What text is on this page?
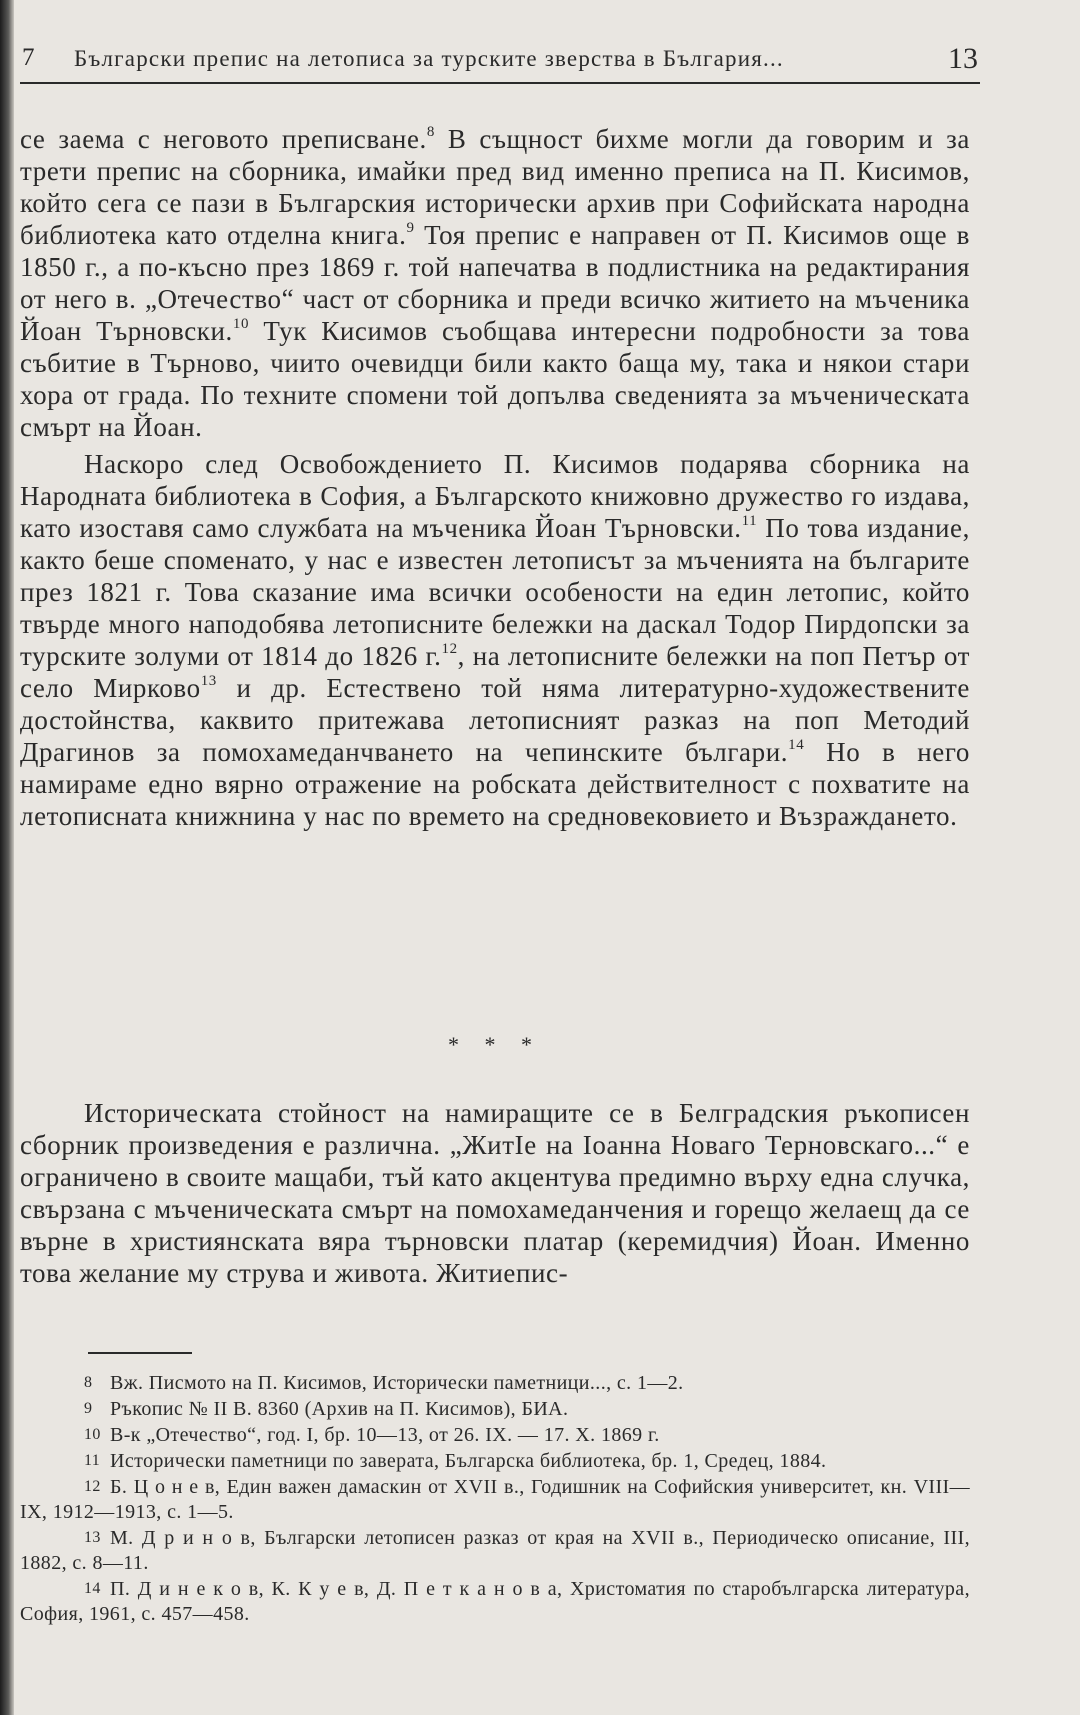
7 Български препис на летописа за турските зверства в България...	13

се заема с неговото преписване.$^8$ В същност бихме могли да говорим и за трети препис на сборника, имайки пред вид именно преписа на П. Кисимов, който сега се пази в Българския исторически архив при Софийската народна библиотека като отделна книга.$^9$ Тоя препис е направен от П. Кисимов още в 1850 г., а по-късно през 1869 г. той напечатва в подлистника на редактирания от него в. „Отечество“ част от сборника и преди всичко житието на мъченика Йоан Търновски.$^{10}$ Тук Кисимов съобщава интересни подробности за това събитие в Търново, чиито очевидци били както баща му, така и някои стари хора от града. По техните спомени той допълва сведенията за мъченическата смърт на Йоан.

Наскоро след Освобождението П. Кисимов подарява сборника на Народната библиотека в София, а Българското книжовно дружество го издава, като изоставя само службата на мъченика Йоан Търновски.$^{11}$ По това издание, както беше споменато, у нас е известен летописът за мъченията на българите през 1821 г. Това сказание има всички особености на един летопис, който твърде много наподобява летописните бележки на даскал Тодор Пирдопски за турските золуми от 1814 до 1826 г.$^{12}$, на летописните бележки на поп Петър от село Мирково$^{13}$ и др. Естествено той няма литературно-художествените достойнства, каквито притежава летописният разказ на поп Методий Драгинов за помохамеданчването на чепинските българи.$^{14}$ Но в него намираме едно вярно отражение на робската действителност с похватите на летописната книжнина у нас по времето на средновековието и Възраждането.

* * *

Историческата стойност на намиращите се в Белградския ръкописен сборник произведения е различна. „ЖитІе на Іоанна Новаго Терновскаго...“ е ограничено в своите мащаби, тъй като акцентува предимно върху една случка, свързана с мъченическата смърт на помохамеданчения и горещо желаещ да се върне в християнската вяра търновски платар (керемидчия) Йоан. Именно това желание му струва и живота. Житиепис-

8 Вж. Писмото на П. Кисимов, Исторически паметници..., с. 1—2.

9 Ръкопис № II В. 8360 (Архив на П. Кисимов), БИА.

10 В-к „Отечество“, год. I, бр. 10—13, от 26. IX. — 17. X. 1869 г.

11 Исторически паметници по заверата, Българска библиотека, бр. 1, Средец, 1884.

12 Б. Ц о н е в, Един важен дамаскин от XVII в., Годишник на Софийския университет, кн. VIII—IX, 1912—1913, с. 1—5.

13 М. Д р и н о в, Български летописен разказ от края на XVII в., Периодическо описание, III, 1882, с. 8—11.

14 П. Д и н е к о в, К. К у е в, Д. П е т к а н о в а, Христоматия по старобългарска литература, София, 1961, с. 457—458.
